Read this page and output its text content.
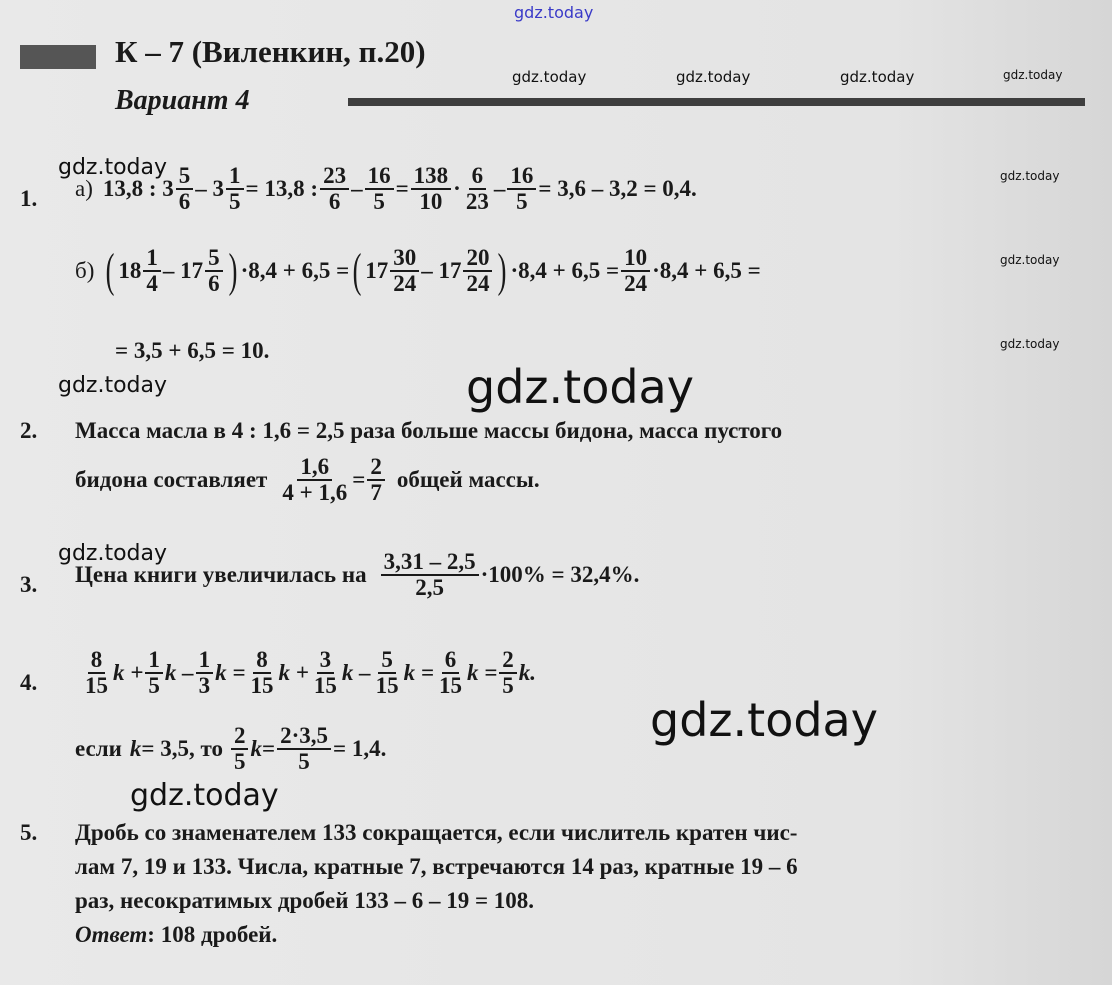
gdz.today
gdz.today	gdz.today	gdz.today	gdz.today
gdz.today
gdz.today
gdz.today
gdz.today
gdz.today
gdz.today
gdz.today
gdz.today
gdz.today
К – 7 (Виленкин, п.20)
Вариант 4
1. а) 13,8 : $3 \frac{5}{6} - 3 \frac{1}{5} = 13,8$ : $\frac{23}{6} - \frac{16}{5} = \frac{138}{10} \cdot \frac{6}{23} - \frac{16}{5} = 3,6 - 3,2 = 0,4$.
б) ( $18 \frac{1}{4} - 17 \frac{5}{6}$ ) ·8,4 + 6,5 = ( $17 \frac{30}{24} - 17 \frac{20}{24}$ ) $\cdot 8,4 + 6,5 = \frac{10}{24} \cdot 8,4 + 6,5$ =
= 3,5 + 6,5 = 10.
2. Масса масла в 4 : 1,6 = 2,5 раза больше массы бидона, масса пустого
бидона составляет $\frac{1,6}{4 + 1,6} = \frac{2}{7}$ общей массы.
3. Цена книги увеличилась на $\frac{3,31 - 2,5}{2,5} \cdot 100\% = 32,4\%$.
4. $\frac{8}{15}$ $k + \frac{1}{5}$ k – $\frac{1}{3}$ $k = \frac{8}{15}$ $k + \frac{3}{15}$ k – $\frac{5}{15}$ $k = \frac{6}{15}$ $k = \frac{2}{5} k$.
если k = 3,5, то $\frac{2}{5}$ $k = \frac{2\cdot 3,5}{5} = 1,4$.
5. Дробь со знаменателем 133 сокращается, если числитель кратен чис-
лам 7, 19 и 133. Числа, кратные 7, встречаются 14 раз, кратные 19 – 6
раз, несократимых дробей 133 – 6 – 19 = 108.
Ответ: 108 дробей.
